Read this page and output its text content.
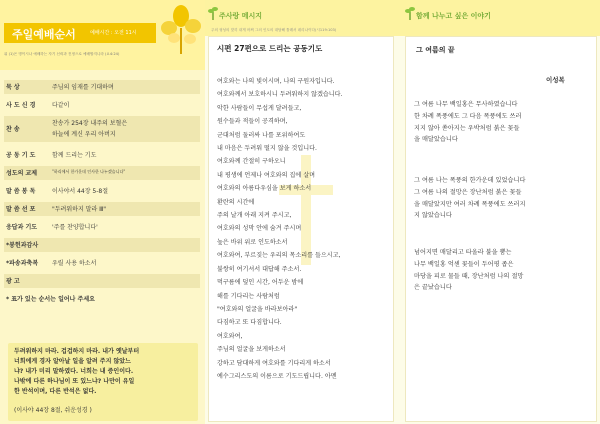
주일예배순서	예배시간 : 오전 11시
위 (1)은 명이시나 예배하는 자기 신뢰과 진정으로 예배할지니라 (요4:24)
묵 상	주님의 임재를 기대하며
사 도 신 경	다같이
찬 송
찬송가 254장 내주의 보혈은
하늘에 계신 우리 아버지
공 동 기 도	함께 드리는 기도
성도의 교제	"하리에서 한가운데 인사한 나누겠습니다"
말 씀 봉 독	이사야서 44장 5-8절
말 씀 선 포	"두려워하지 말라 Ⅲ"
응답과 기도 '주를 찬양합니다'
*봉헌과감사
*파송과축복 우릴 사용 하소서
광 고
* 표가 있는 순서는 일어나 주세요

두려워하지 마라. 겁겁하지 마라. 내가 옛날부터

너희에게 경자 알아날 일을 알려 주지 않았느

냐? 내가 미리 말하였다. 너희는 내 증인이다.

나밖에 다른 하나님이 또 있느냐? 나만이 유일

한 반석이며, 다른 반석은 없다.

(이사야 44장 8절, 쉬운성경 )
주사랑 메시지
주의 형성의 맞히 내게 어쩌 그의 인도의 대답해 틀레서 데리나이다(시119:103)
시편 27편으로 드리는 공동기도
여호와는 나의 빛이시며, 나의 구원자입니다.
여호와께서 보호하시니 두려워하지 않겠습니다.
악한 사람들이 무섭게 달려들고,
원수들과 적들이 공격하며,
군대처럼 둘러싸 나를 포위하여도
내 마음은 두려워 떨지 않을 것입니다.
여호와께 간절히 구하오니
내 평생에 언제나 여호와의 집에 살며
여호와의 아름다우심을 보게 하소서
환란의 시간에
주의 날개 아래 지켜 주시고,
여호와의 성막 안에 숨겨 주시며
높은 바위 위로 인도하소서
여호와여, 부르짖는 우리의 목소리를 들으시고,
불쌍히 여기셔서 대답해 주소서.
먹구름에 덮인 시간, 어두운 밤에
해를 기다리는 사람처럼
"여호와의 얼굴을 바라보아라"
다짐하고 또 다짐합니다.
여호와여,
주님의 얼굴을 보게하소서
강하고 담대하게 여호와를 기다리게 하소서
예수그리스도의 이름으로 기도드립니다. 아멘
함께 나누고 싶은 이야기
그 여름의 끝
이성복
그 여름 나무 백일홍은 무사하였습니다
한 차례 폭풍에도 그 다음 폭풍에도 쓰러
지지 않아 쏟아지는 우박처럼 붉은 꽃들
을 매달았습니다
그 여름 나는 폭풍의 한가운데 있었습니다
그 여름 나의 절망은 장난처럼 붉은 꽃들
을 매달았지만 여러 차례 폭풍에도 쓰러지
지 않았습니다
넘어지면 매달리고 타올라 불을 뿜는
나무 백일홍 억센 꽃들이 두어평 좁은
마당을 피로 물들 때, 장난처럼 나의 절망
은 끝났습니다
